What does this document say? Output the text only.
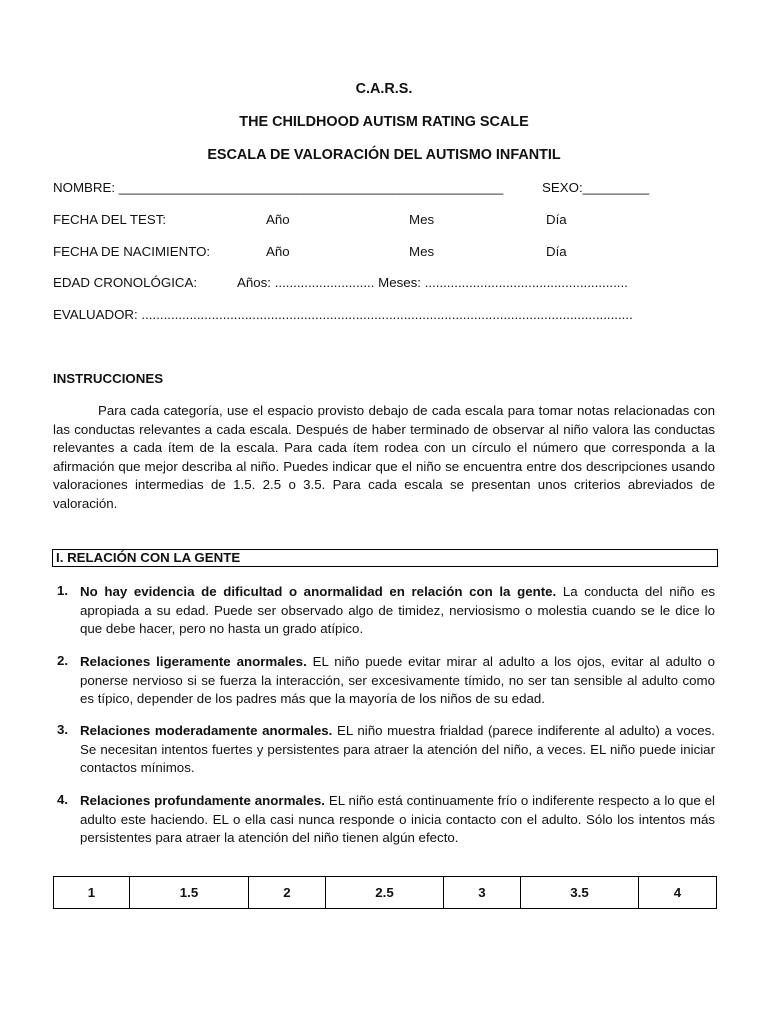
C.A.R.S.
THE CHILDHOOD AUTISM RATING SCALE
ESCALA DE VALORACIÓN DEL AUTISMO INFANTIL
NOMBRE: ____________________________________________________	SEXO:_________
FECHA DEL TEST:	Año	Mes	Día
FECHA DE NACIMIENTO:	Año	Mes	Día
EDAD CRONOLÓGICA:	Años: ........................... Meses: .......................................................
EVALUADOR: .....................................................................................................................................
INSTRUCCIONES
Para cada categoría, use el espacio provisto debajo de cada escala para tomar notas relacionadas con las conductas relevantes a cada escala. Después de haber terminado de observar al niño valora las conductas relevantes a cada ítem de la escala. Para cada ítem rodea con un círculo el número que corresponda a la afirmación que mejor describa al niño. Puedes indicar que el niño se encuentra entre dos descripciones usando valoraciones intermedias de 1.5. 2.5 o 3.5. Para cada escala se presentan unos criterios abreviados de valoración.
I. RELACIÓN CON LA GENTE
1. No hay evidencia de dificultad o anormalidad en relación con la gente. La conducta del niño es apropiada a su edad. Puede ser observado algo de timidez, nerviosismo o molestia cuando se le dice lo que debe hacer, pero no hasta un grado atípico.
2. Relaciones ligeramente anormales. EL niño puede evitar mirar al adulto a los ojos, evitar al adulto o ponerse nervioso si se fuerza la interacción, ser excesivamente tímido, no ser tan sensible al adulto como es típico, depender de los padres más que la mayoría de los niños de su edad.
3. Relaciones moderadamente anormales. EL niño muestra frialdad (parece indiferente al adulto) a voces. Se necesitan intentos fuertes y persistentes para atraer la atención del niño, a veces. EL niño puede iniciar contactos mínimos.
4. Relaciones profundamente anormales. EL niño está continuamente frío o indiferente respecto a lo que el adulto este haciendo. EL o ella casi nunca responde o inicia contacto con el adulto. Sólo los intentos más persistentes para atraer la atención del niño tienen algún efecto.
1	1.5	2	2.5	3	3.5	4
